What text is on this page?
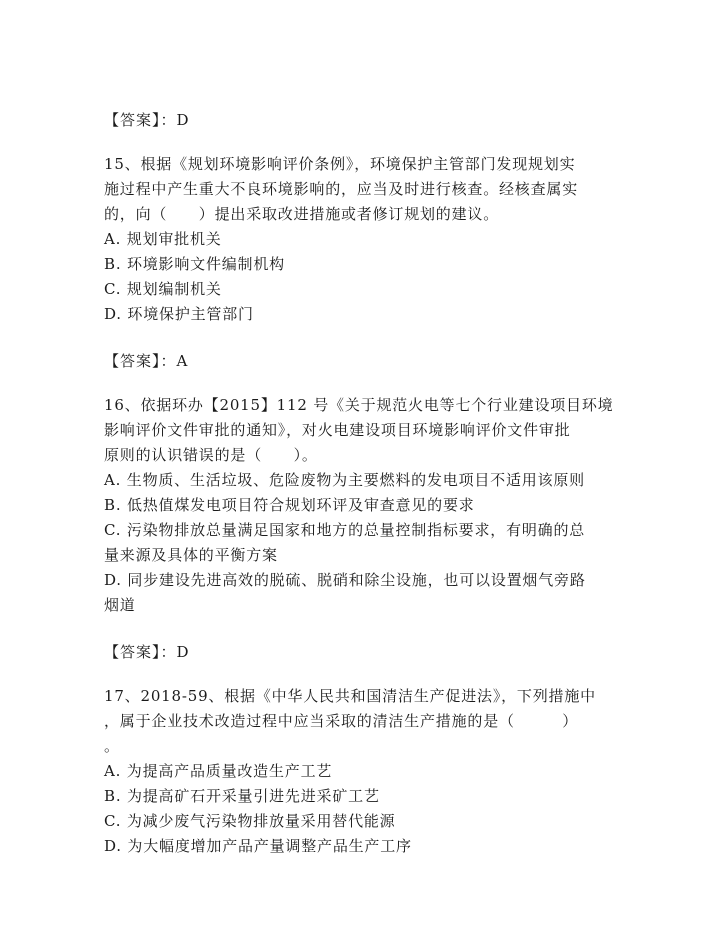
【答案】：D
15、根据《规划环境影响评价条例》，环境保护主管部门发现规划实
施过程中产生重大不良环境影响的，应当及时进行核查。经核查属实
的，向（　　）提出采取改进措施或者修订规划的建议。
A. 规划审批机关
B. 环境影响文件编制机构
C. 规划编制机关
D. 环境保护主管部门
【答案】：A
16、依据环办【2015】112 号《关于规范火电等七个行业建设项目环境
影响评价文件审批的通知》，对火电建设项目环境影响评价文件审批
原则的认识错误的是（　　）。
A. 生物质、生活垃圾、危险废物为主要燃料的发电项目不适用该原则
B. 低热值煤发电项目符合规划环评及审查意见的要求
C. 污染物排放总量满足国家和地方的总量控制指标要求，有明确的总
量来源及具体的平衡方案
D. 同步建设先进高效的脱硫、脱硝和除尘设施，也可以设置烟气旁路
烟道
【答案】：D
17、2018-59、根据《中华人民共和国清洁生产促进法》，下列措施中
，属于企业技术改造过程中应当采取的清洁生产措施的是（　　　）
。
A. 为提高产品质量改造生产工艺
B. 为提高矿石开采量引进先进采矿工艺
C. 为减少废气污染物排放量采用替代能源
D. 为大幅度增加产品产量调整产品生产工序
